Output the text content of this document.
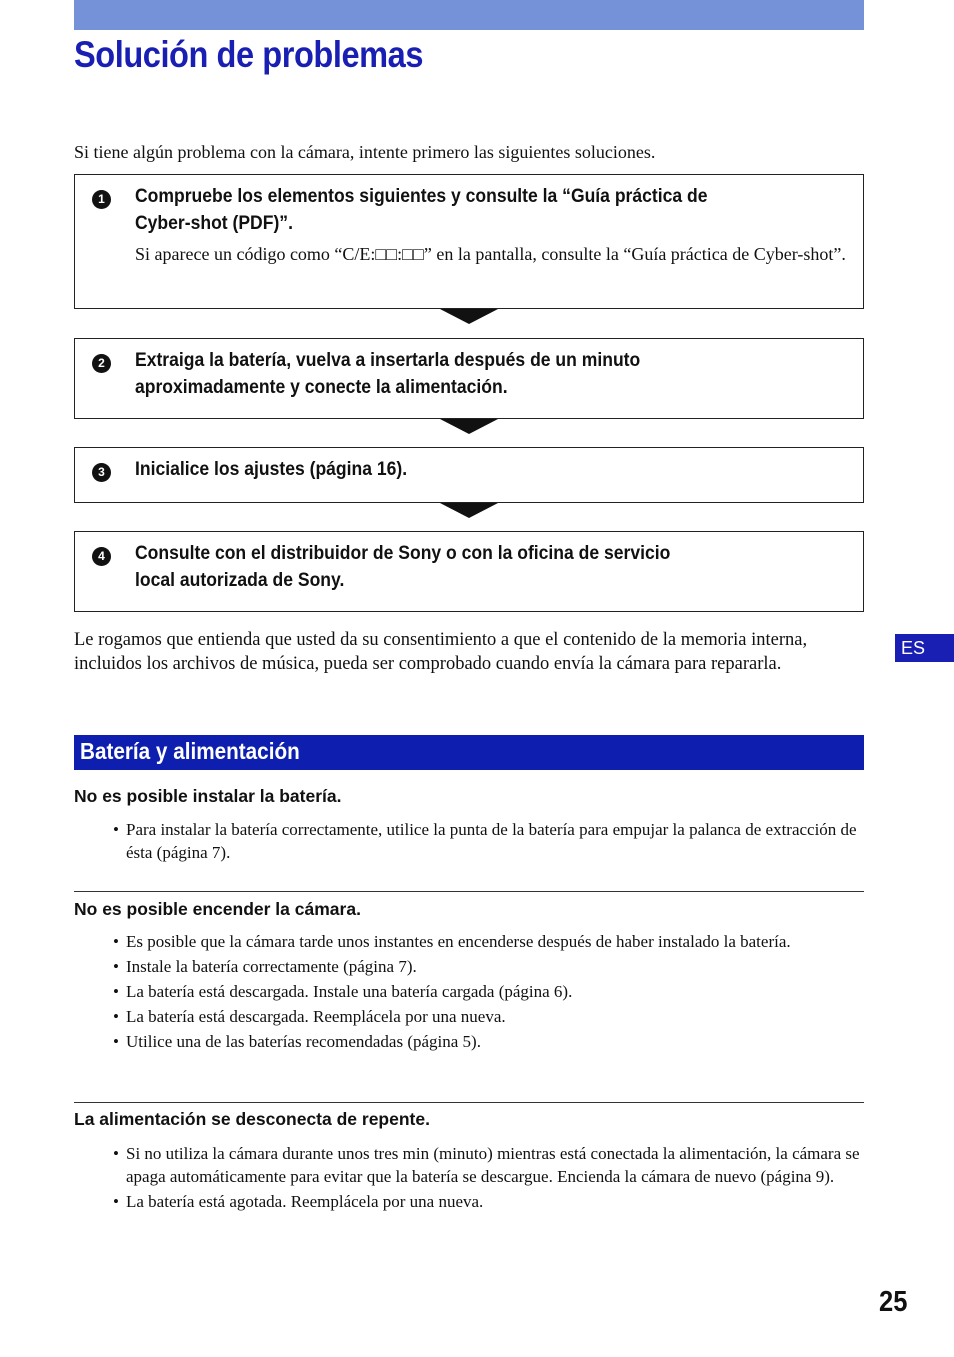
Solución de problemas

Si tiene algún problema con la cámara, intente primero las siguientes soluciones.

1	Compruebe los elementos siguientes y consulte la “Guía práctica de Cyber-shot (PDF)”.

Si aparece un código como “C/E:□□:□□” en la pantalla, consulte la “Guía práctica de Cyber-shot”.

2	Extraiga la batería, vuelva a insertarla después de un minuto aproximadamente y conecte la alimentación.

3	Inicialice los ajustes (página 16).

4	Consulte con el distribuidor de Sony o con la oficina de servicio local autorizada de Sony.

Le rogamos que entienda que usted da su consentimiento a que el contenido de la memoria interna, incluidos los archivos de música, pueda ser comprobado cuando envía la cámara para repararla.

ES
Batería y alimentación

No es posible instalar la batería.

• Para instalar la batería correctamente, utilice la punta de la batería para empujar la palanca de extracción de ésta (página 7).

No es posible encender la cámara.

• Es posible que la cámara tarde unos instantes en encenderse después de haber instalado la batería.
• Instale la batería correctamente (página 7).
• La batería está descargada. Instale una batería cargada (página 6).
• La batería está descargada. Reemplácela por una nueva.
• Utilice una de las baterías recomendadas (página 5).

La alimentación se desconecta de repente.

• Si no utiliza la cámara durante unos tres min (minuto) mientras está conectada la alimentación, la cámara se apaga automáticamente para evitar que la batería se descargue. Encienda la cámara de nuevo (página 9).
• La batería está agotada. Reemplácela por una nueva.
25
